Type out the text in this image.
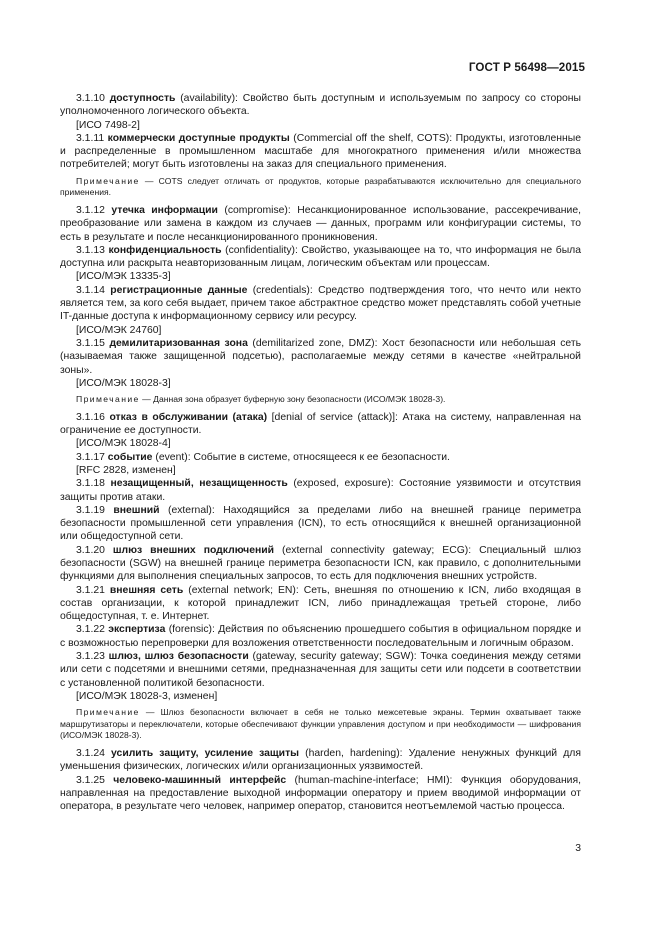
ГОСТ Р 56498—2015

3.1.10 доступность (availability): Свойство быть доступным и используемым по запросу со стороны уполномоченного логического объекта.

[ИСО 7498-2]

3.1.11 коммерчески доступные продукты (Commercial off the shelf, COTS): Продукты, изготовленные и распределенные в промышленном масштабе для многократного применения и/или множества потребителей; могут быть изготовлены на заказ для специального применения.

Примечание — COTS следует отличать от продуктов, которые разрабатываются исключительно для специального применения.

3.1.12 утечка информации (compromise): Несанкционированное использование, рассекречивание, преобразование или замена в каждом из случаев — данных, программ или конфигурации системы, то есть в результате и после несанкционированного проникновения.

3.1.13 конфиденциальность (confidentiality): Свойство, указывающее на то, что информация не была доступна или раскрыта неавторизованным лицам, логическим объектам или процессам.

[ИСО/МЭК 13335-3]

3.1.14 регистрационные данные (credentials): Средство подтверждения того, что нечто или некто является тем, за кого себя выдает, причем такое абстрактное средство может представлять собой учетные IT-данные доступа к информационному сервису или ресурсу.

[ИСО/МЭК 24760]

3.1.15 демилитаризованная зона (demilitarized zone, DMZ): Хост безопасности или небольшая сеть (называемая также защищенной подсетью), располагаемые между сетями в качестве «нейтральной зоны».

[ИСО/МЭК 18028-3]

Примечание — Данная зона образует буферную зону безопасности (ИСО/МЭК 18028-3).

3.1.16 отказ в обслуживании (атака) [denial of service (attack)]: Атака на систему, направленная на ограничение ее доступности.

[ИСО/МЭК 18028-4]

3.1.17 событие (event): Событие в системе, относящееся к ее безопасности.

[RFC 2828, изменен]

3.1.18 незащищенный, незащищенность (exposed, exposure): Состояние уязвимости и отсутствия защиты против атаки.

3.1.19 внешний (external): Находящийся за пределами либо на внешней границе периметра безопасности промышленной сети управления (ICN), то есть относящийся к внешней организационной или общедоступной сети.

3.1.20 шлюз внешних подключений (external connectivity gateway; ECG): Специальный шлюз безопасности (SGW) на внешней границе периметра безопасности ICN, как правило, с дополнительными функциями для выполнения специальных запросов, то есть для подключения внешних устройств.

3.1.21 внешняя сеть (external network; EN): Сеть, внешняя по отношению к ICN, либо входящая в состав организации, к которой принадлежит ICN, либо принадлежащая третьей стороне, либо общедоступная, т. е. Интернет.

3.1.22 экспертиза (forensic): Действия по объяснению прошедшего события в официальном порядке и с возможностью перепроверки для возложения ответственности последовательным и логичным образом.

3.1.23 шлюз, шлюз безопасности (gateway, security gateway; SGW): Точка соединения между сетями или сети с подсетями и внешними сетями, предназначенная для защиты сети или подсети в соответствии с установленной политикой безопасности.

[ИСО/МЭК 18028-3, изменен]

Примечание — Шлюз безопасности включает в себя не только межсетевые экраны. Термин охватывает также маршрутизаторы и переключатели, которые обеспечивают функции управления доступом и при необходимости — шифрования (ИСО/МЭК 18028-3).

3.1.24 усилить защиту, усиление защиты (harden, hardening): Удаление ненужных функций для уменьшения физических, логических и/или организационных уязвимостей.

3.1.25 человеко-машинный интерфейс (human-machine-interface; HMI): Функция оборудования, направленная на предоставление выходной информации оператору и прием вводимой информации от оператора, в результате чего человек, например оператор, становится неотъемлемой частью процесса.

3
